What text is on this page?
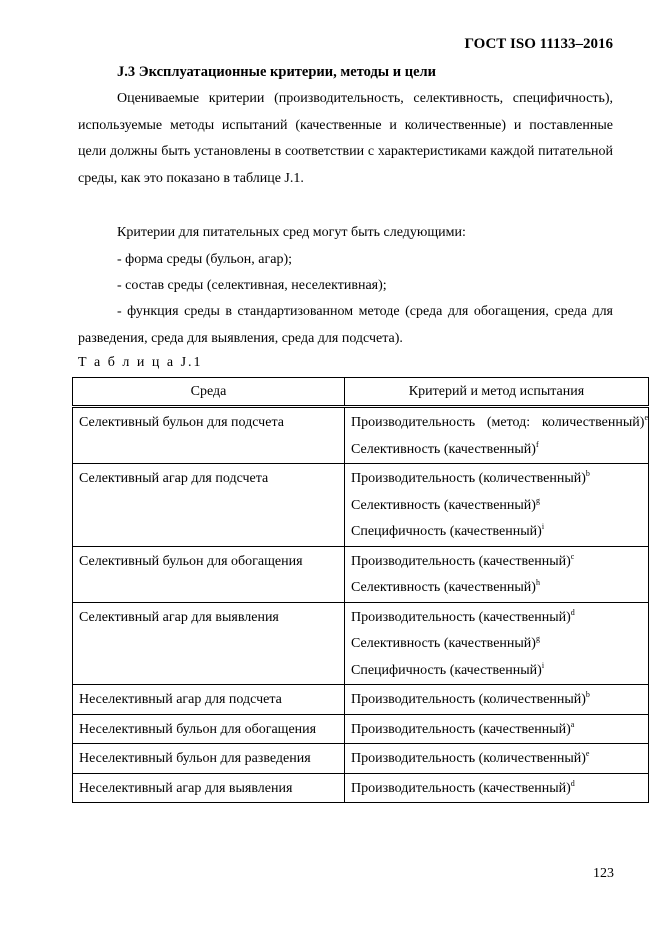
ГОСТ ISO 11133–2016
J.3 Эксплуатационные критерии, методы и цели

Оцениваемые критерии (производительность, селективность, специфичность), используемые методы испытаний (качественные и количественные) и поставленные цели должны быть установлены в соответствии с характеристиками каждой питательной среды, как это показано в таблице J.1.

Критерии для питательных сред могут быть следующими:

- форма среды (бульон, агар);

- состав среды (селективная, неселективная);

- функция среды в стандартизованном методе (среда для обогащения, среда для разведения, среда для выявления, среда для подсчета).

Т а б л и ц а J.1
Среда	Критерий и метод испытания

Селективный бульон для подсчета	Производительность (метод: количественный)$^e$
Селективность (качественный)$^f$

Селективный агар для подсчета	Производительность (количественный)$^b$
Селективность (качественный)$^g$
Специфичность (качественный)$^i$

Селективный бульон для обогащения	Производительность (качественный)$^c$
Селективность (качественный)$^h$

Селективный агар для выявления	Производительность (качественный)$^d$
Селективность (качественный)$^g$
Специфичность (качественный)$^i$

Неселективный агар для подсчета	Производительность (количественный)$^b$

Неселективный бульон для обогащения	Производительность (качественный)$^a$

Неселективный бульон для разведения	Производительность (количественный)$^e$

Неселективный агар для выявления	Производительность (качественный)$^d$
123
